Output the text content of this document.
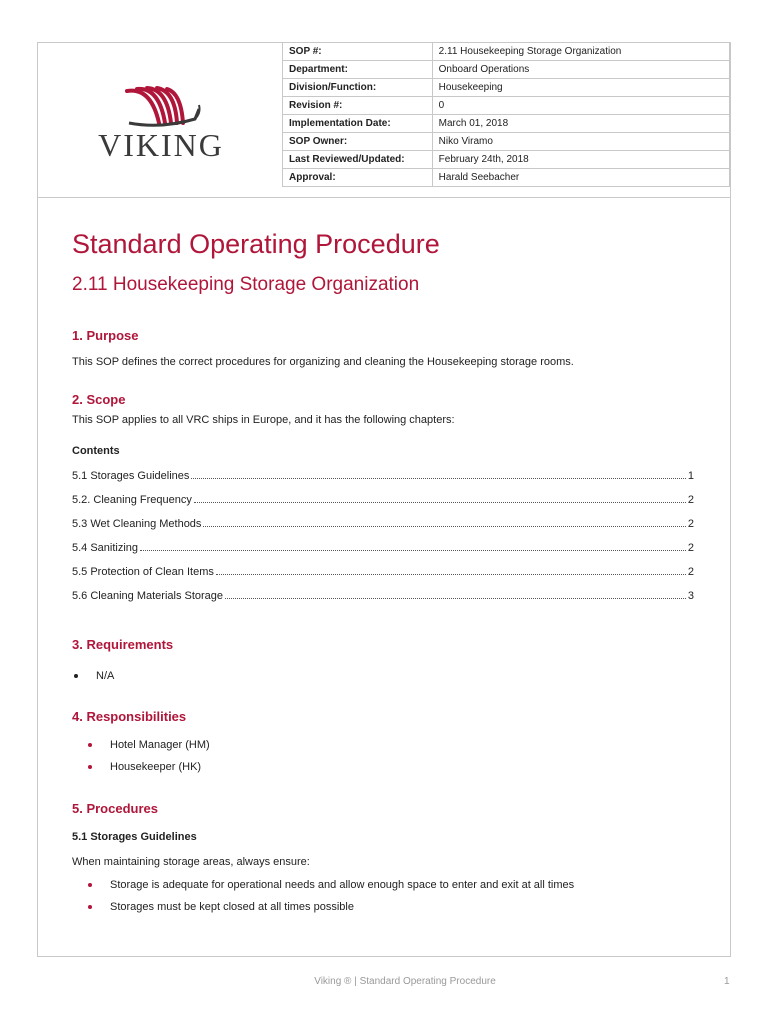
VIKING
SOP #:	2.11 Housekeeping Storage Organization
Department:	Onboard Operations
Division/Function:	Housekeeping
Revision #:	0
Implementation Date:	March 01, 2018
SOP Owner:	Niko Viramo
Last Reviewed/Updated:	February 24th, 2018
Approval:	Harald Seebacher
Standard Operating Procedure
2.11 Housekeeping Storage Organization
1. Purpose

This SOP defines the correct procedures for organizing and cleaning the Housekeeping storage rooms.

2. Scope

This SOP applies to all VRC ships in Europe, and it has the following chapters:

Contents

5.1 Storages Guidelines	1
5.2. Cleaning Frequency	2
5.3 Wet Cleaning Methods	2
5.4 Sanitizing	2
5.5 Protection of Clean Items	2
5.6 Cleaning Materials Storage	3
3. Requirements
N/A
4. Responsibilities
Hotel Manager (HM)
Housekeeper (HK)
5. Procedures

5.1 Storages Guidelines

When maintaining storage areas, always ensure:

Storage is adequate for operational needs and allow enough space to enter and exit at all times
Storages must be kept closed at all times possible
Viking ® | Standard Operating Procedure	1
